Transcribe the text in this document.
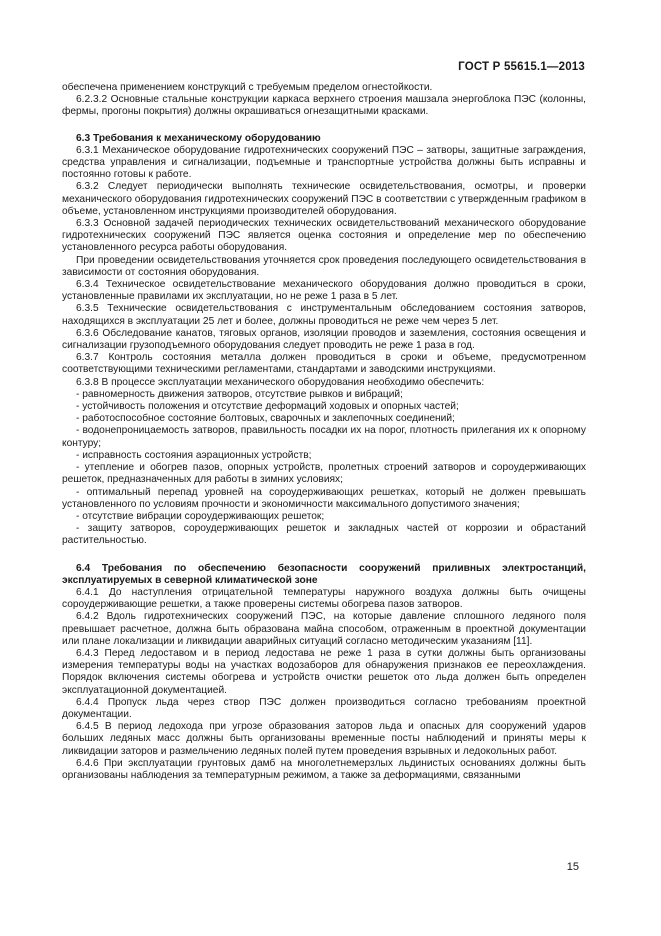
ГОСТ Р 55615.1—2013

обеспечена применением конструкций с требуемым пределом огнестойкости.

6.2.3.2 Основные стальные конструкции каркаса верхнего строения машзала энергоблока ПЭС (колонны, фермы, прогоны покрытия) должны окрашиваться огнезащитными красками.

6.3 Требования к механическому оборудованию

6.3.1 Механическое оборудование гидротехнических сооружений ПЭС – затворы, защитные заграждения, средства управления и сигнализации, подъемные и транспортные устройства должны быть исправны и постоянно готовы к работе.

6.3.2 Следует периодически выполнять технические освидетельствования, осмотры, и проверки механического оборудования гидротехнических сооружений ПЭС в соответствии с утвержденным графиком в объеме, установленном инструкциями производителей оборудования.

6.3.3 Основной задачей периодических технических освидетельствований механического оборудование гидротехнических сооружений ПЭС является оценка состояния и определение мер по обеспечению установленного ресурса работы оборудования.

При проведении освидетельствования уточняется срок проведения последующего освидетельствования в зависимости от состояния оборудования.

6.3.4 Техническое освидетельствование механического оборудования должно проводиться в сроки, установленные правилами их эксплуатации, но не реже 1 раза в 5 лет.

6.3.5 Технические освидетельствования с инструментальным обследованием состояния затворов, находящихся в эксплуатации 25 лет и более, должны проводиться не реже чем через 5 лет.

6.3.6 Обследование канатов, тяговых органов, изоляции проводов и заземления, состояния освещения и сигнализации грузоподъемного оборудования следует проводить не реже 1 раза в год.

6.3.7 Контроль состояния металла должен проводиться в сроки и объеме, предусмотренном соответствующими техническими регламентами, стандартами и заводскими инструкциями.

6.3.8 В процессе эксплуатации механического оборудования необходимо обеспечить:

- равномерность движения затворов, отсутствие рывков и вибраций;

- устойчивость положения и отсутствие деформаций ходовых и опорных частей;

- работоспособное состояние болтовых, сварочных и заклепочных соединений;

- водонепроницаемость затворов, правильность посадки их на порог, плотность прилегания их к опорному контуру;

- исправность состояния аэрационных устройств;

- утепление и обогрев пазов, опорных устройств, пролетных строений затворов и сороудерживающих решеток, предназначенных для работы в зимних условиях;

- оптимальный перепад уровней на сороудерживающих решетках, который не должен превышать установленного по условиям прочности и экономичности максимального допустимого значения;

- отсутствие вибрации сороудерживающих решеток;

- защиту затворов, сороудерживающих решеток и закладных частей от коррозии и обрастаний растительностью.

6.4 Требования по обеспечению безопасности сооружений приливных электростанций, эксплуатируемых в северной климатической зоне

6.4.1 До наступления отрицательной температуры наружного воздуха должны быть очищены сороудерживающие решетки, а также проверены системы обогрева пазов затворов.

6.4.2 Вдоль гидротехнических сооружений ПЭС, на которые давление сплошного ледяного поля превышает расчетное, должна быть образована майна способом, отраженным в проектной документации или плане локализации и ликвидации аварийных ситуаций согласно методическим указаниям [11].

6.4.3 Перед ледоставом и в период ледостава не реже 1 раза в сутки должны быть организованы измерения температуры воды на участках водозаборов для обнаружения признаков ее переохлаждения. Порядок включения системы обогрева и устройств очистки решеток ото льда должен быть определен эксплуатационной документацией.

6.4.4 Пропуск льда через створ ПЭС должен производиться согласно требованиям проектной документации.

6.4.5 В период ледохода при угрозе образования заторов льда и опасных для сооружений ударов больших ледяных масс должны быть организованы временные посты наблюдений и приняты меры к ликвидации заторов и размельчению ледяных полей путем проведения взрывных и ледокольных работ.

6.4.6 При эксплуатации грунтовых дамб на многолетнемерзлых льдинистых основаниях должны быть организованы наблюдения за температурным режимом, а также за деформациями, связанными

15
